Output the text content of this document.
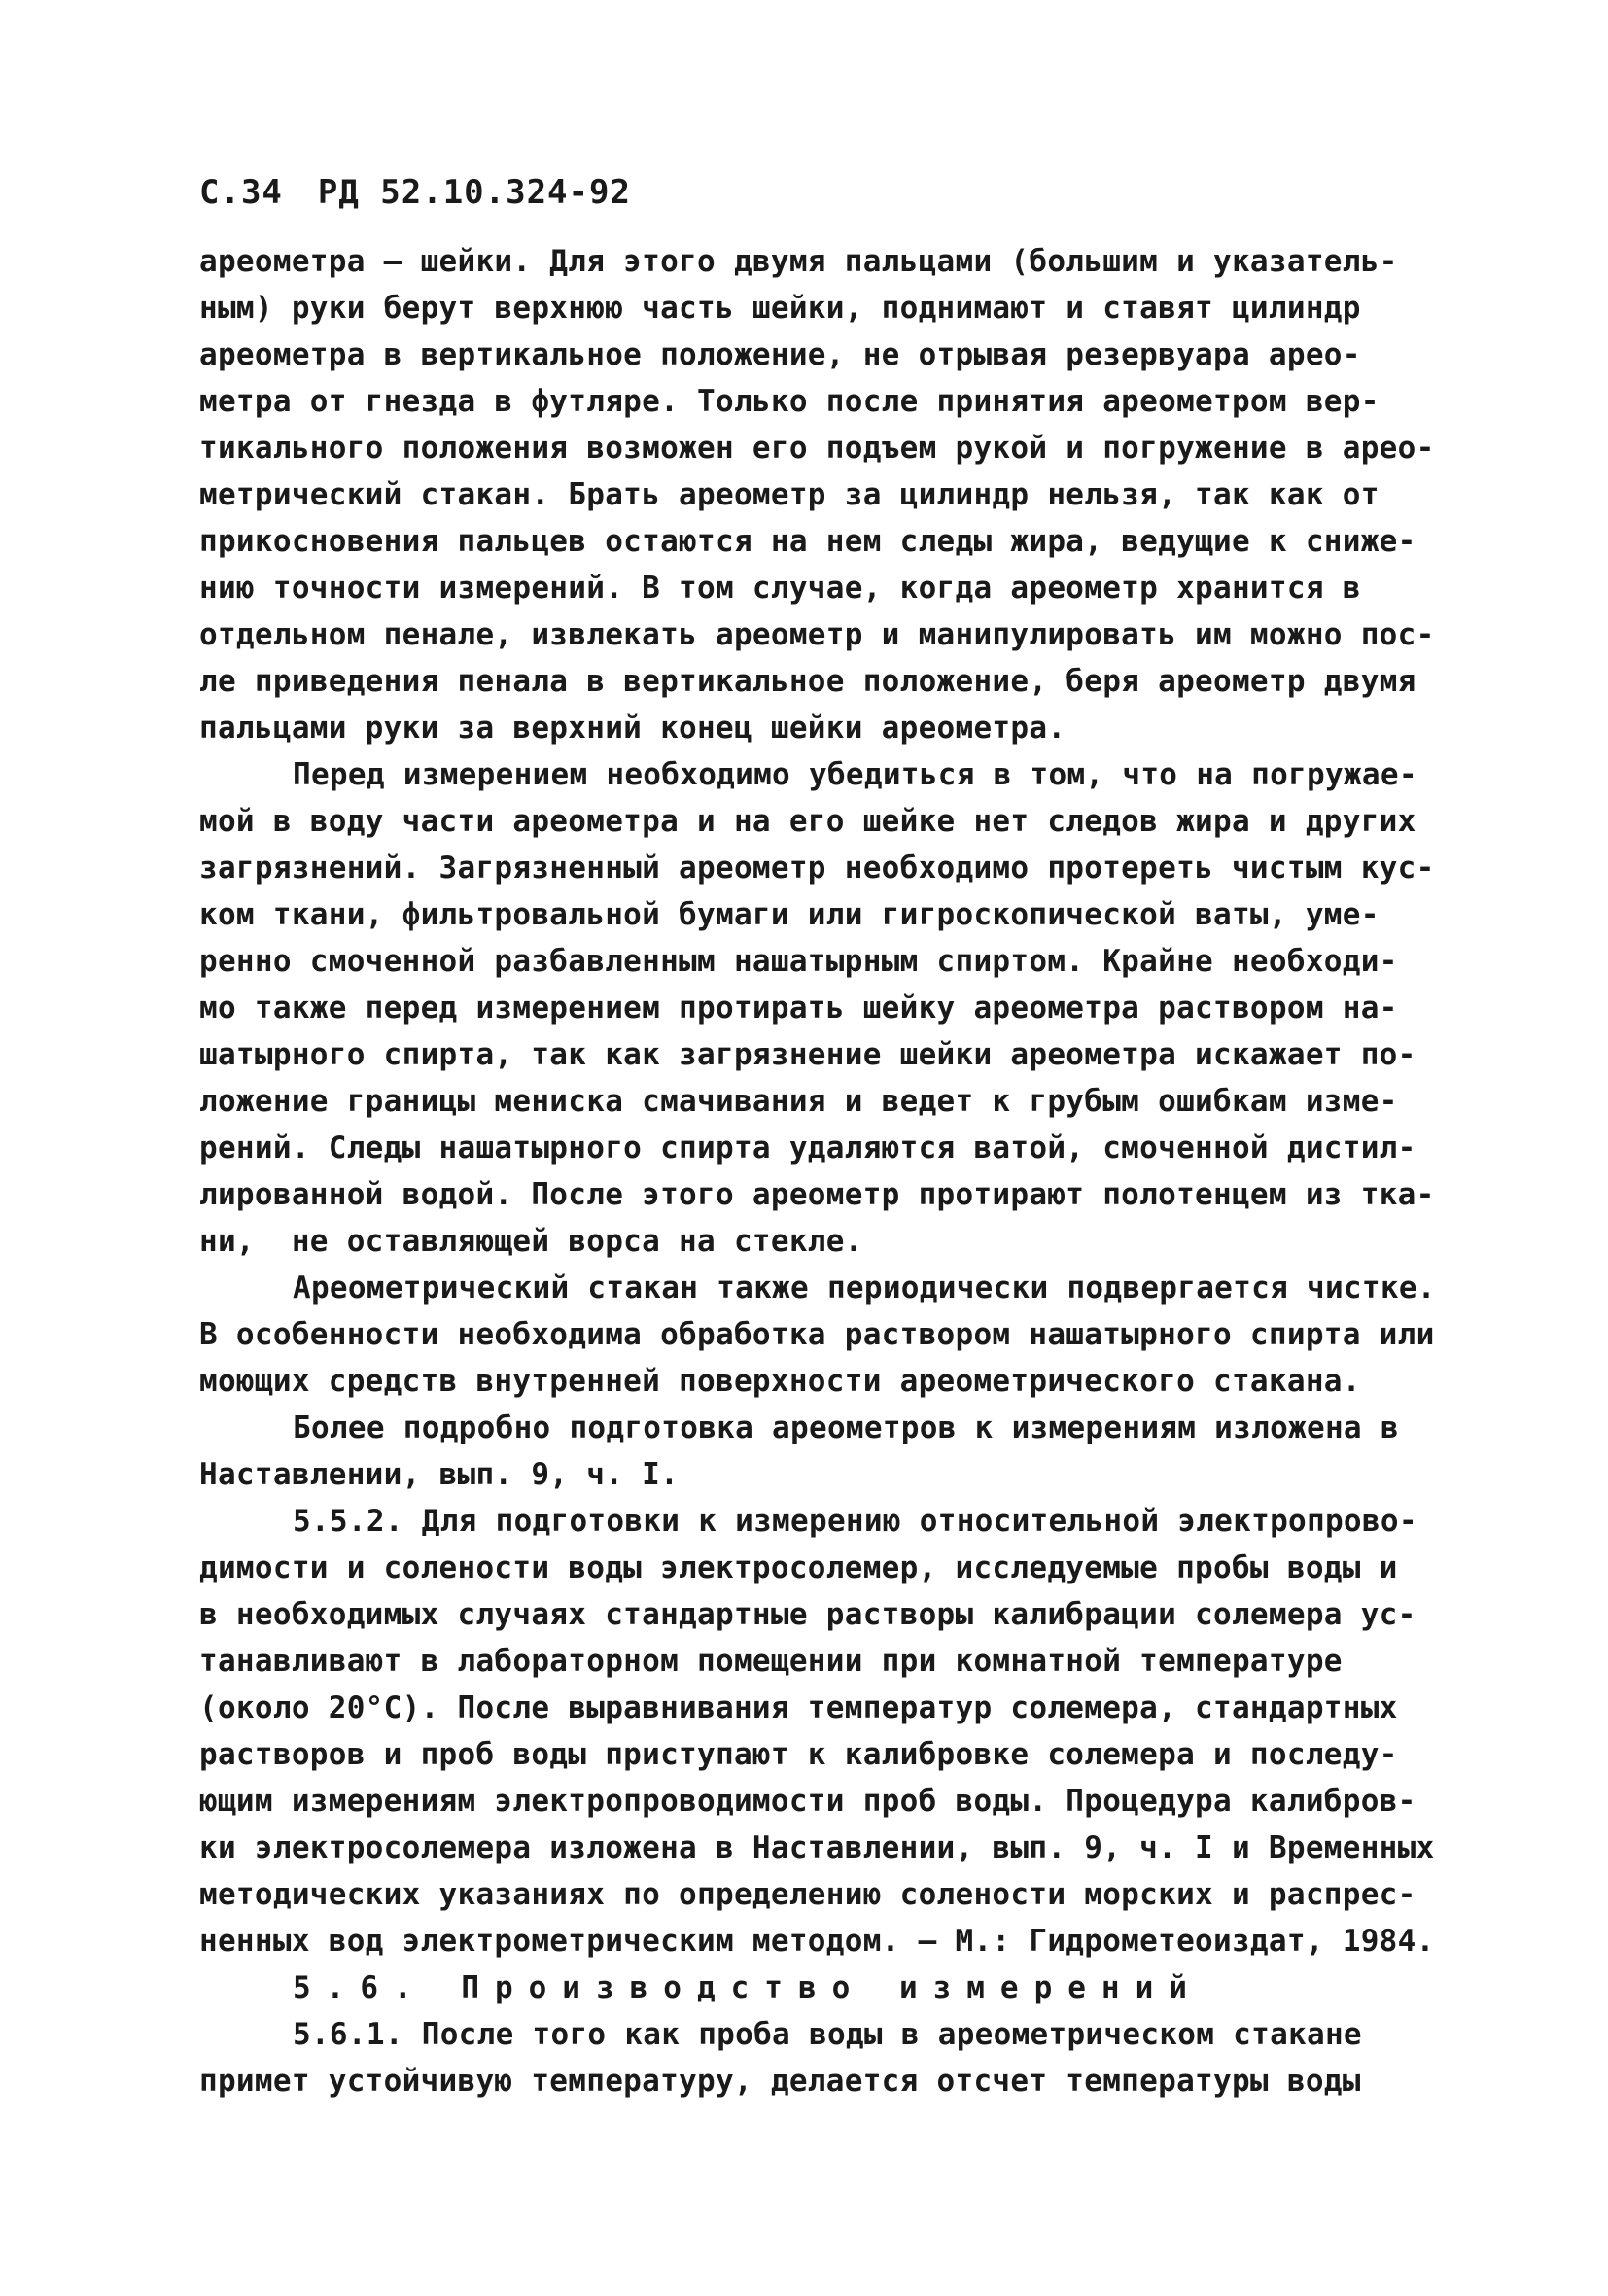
С.34 РД 52.10.324-92
ареометра – шейки. Для этого двумя пальцами (большим и указатель-
ным) руки берут верхнюю часть шейки, поднимают и ставят цилиндр
ареометра в вертикальное положение, не отрывая резервуара арео-
метра от гнезда в футляре. Только после принятия ареометром вер-
тикального положения возможен его подъем рукой и погружение в арео-
метрический стакан. Брать ареометр за цилиндр нельзя, так как от
прикосновения пальцев остаются на нем следы жира, ведущие к сниже-
нию точности измерений. В том случае, когда ареометр хранится в
отдельном пенале, извлекать ареометр и манипулировать им можно пос-
ле приведения пенала в вертикальное положение, беря ареометр двумя
пальцами руки за верхний конец шейки ареометра.
Перед измерением необходимо убедиться в том, что на погружае-
мой в воду части ареометра и на его шейке нет следов жира и других
загрязнений. Загрязненный ареометр необходимо протереть чистым кус-
ком ткани, фильтровальной бумаги или гигроскопической ваты, уме-
ренно смоченной разбавленным нашатырным спиртом. Крайне необходи-
мо также перед измерением протирать шейку ареометра раствором на-
шатырного спирта, так как загрязнение шейки ареометра искажает по-
ложение границы мениска смачивания и ведет к грубым ошибкам изме-
рений. Следы нашатырного спирта удаляются ватой, смоченной дистил-
лированной водой. После этого ареометр протирают полотенцем из тка-
ни,  не оставляющей ворса на стекле.
Ареометрический стакан также периодически подвергается чистке.
В особенности необходима обработка раствором нашатырного спирта или
моющих средств внутренней поверхности ареометрического стакана.
Более подробно подготовка ареометров к измерениям изложена в
Наставлении, вып. 9, ч. I.
5.5.2. Для подготовки к измерению относительной электропрово-
димости и солености воды электросолемер, исследуемые пробы воды и
в необходимых случаях стандартные растворы калибрации солемера ус-
танавливают в лабораторном помещении при комнатной температуре
(около 20°C). После выравнивания температур солемера, стандартных
растворов и проб воды приступают к калибровке солемера и последу-
ющим измерениям электропроводимости проб воды. Процедура калибров-
ки электросолемера изложена в Наставлении, вып. 9, ч. I и Временных
методических указаниях по определению солености морских и распрес-
ненных вод электрометрическим методом. – М.: Гидрометеоиздат, 1984.
5.6. Производство измерений
5.6.1. После того как проба воды в ареометрическом стакане
примет устойчивую температуру, делается отсчет температуры воды
